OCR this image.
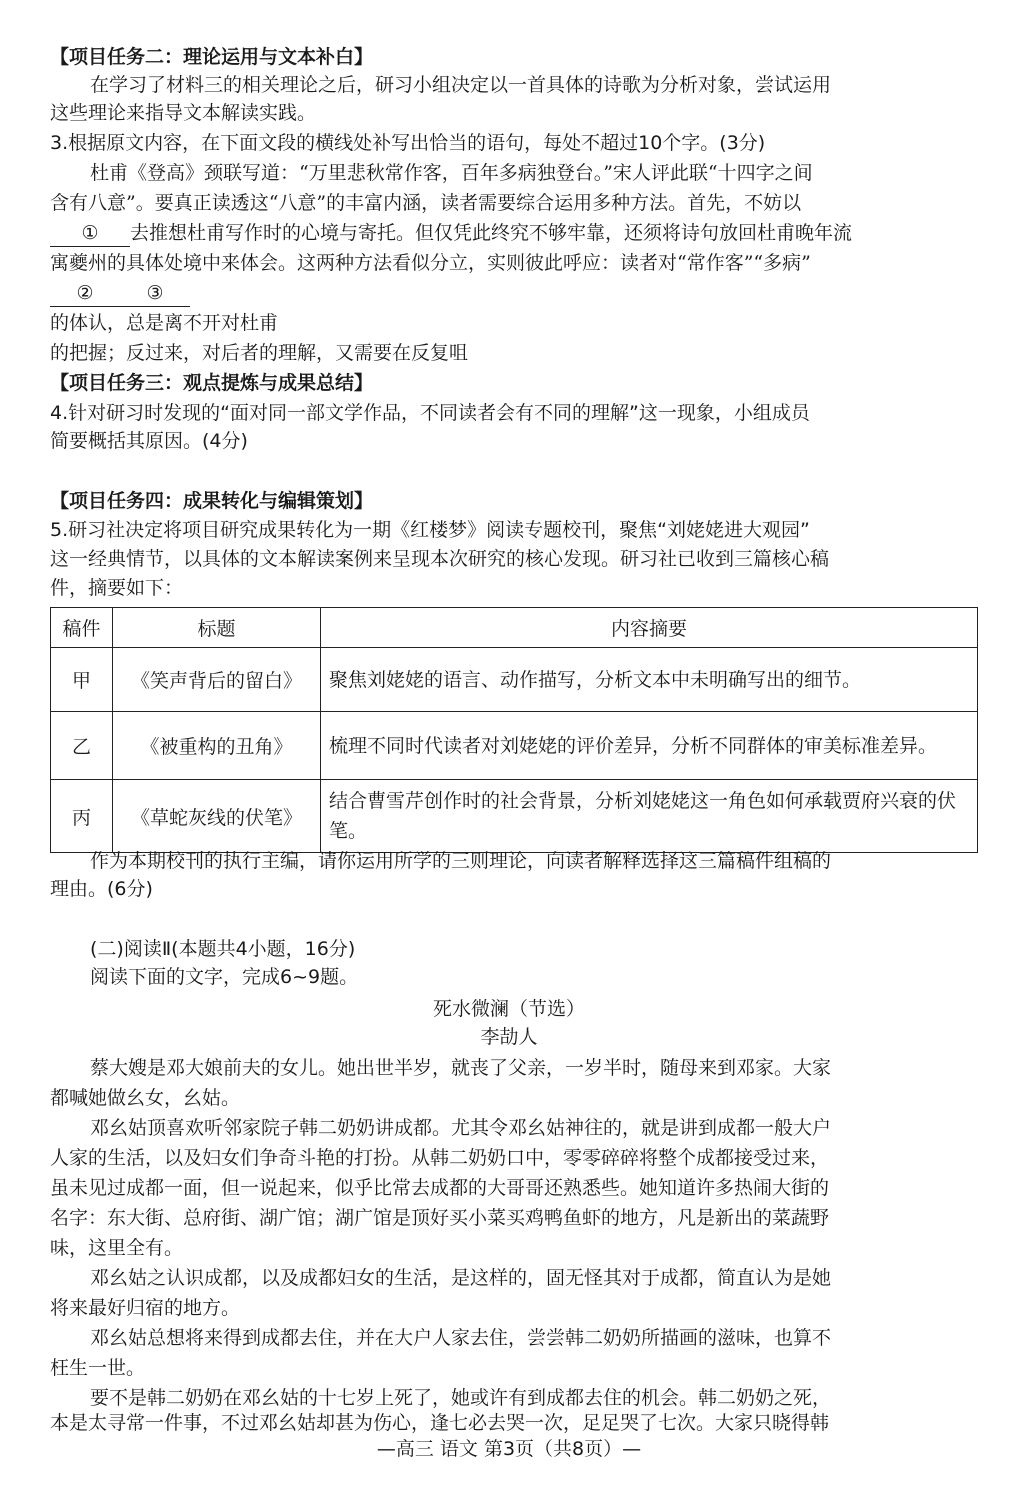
【项目任务二：理论运用与文本补白】
在学习了材料三的相关理论之后，研习小组决定以一首具体的诗歌为分析对象，尝试运用
这些理论来指导文本解读实践。
3.根据原文内容，在下面文段的横线处补写出恰当的语句，每处不超过10个字。(3分)
杜甫《登高》颈联写道：“万里悲秋常作客，百年多病独登台。”宋人评此联“十四字之间
含有八意”。要真正读透这“八意”的丰富内涵，读者需要综合运用多种方法。首先，不妨以
① 去推想杜甫写作时的心境与寄托。但仅凭此终究不够牢靠，还须将诗句放回杜甫晚年流
寓夔州的具体处境中来体会。这两种方法看似分立，实则彼此呼应：读者对“常作客”“多病”
②	③
的体认，总是离不开对杜甫
的把握；反过来，对后者的理解，又需要在反复咀
【项目任务三：观点提炼与成果总结】
4.针对研习时发现的“面对同一部文学作品，不同读者会有不同的理解”这一现象，小组成员
简要概括其原因。(4分)
【项目任务四：成果转化与编辑策划】
5.研习社决定将项目研究成果转化为一期《红楼梦》阅读专题校刊，聚焦“刘姥姥进大观园”
这一经典情节，以具体的文本解读案例来呈现本次研究的核心发现。研习社已收到三篇核心稿
件，摘要如下：
稿件	标题	内容摘要
甲	《笑声背后的留白》	聚焦刘姥姥的语言、动作描写，分析文本中未明确写出的细节。
乙	《被重构的丑角》	梳理不同时代读者对刘姥姥的评价差异，分析不同群体的审美标准差异。
丙	《草蛇灰线的伏笔》	结合曹雪芹创作时的社会背景，分析刘姥姥这一角色如何承载贾府兴衰的伏笔。
作为本期校刊的执行主编，请你运用所学的三则理论，向读者解释选择这三篇稿件组稿的
理由。(6分)
(二)阅读Ⅱ(本题共4小题，16分)
阅读下面的文字，完成6~9题。
死水微澜（节选）
李劼人
蔡大嫂是邓大娘前夫的女儿。她出世半岁，就丧了父亲，一岁半时，随母来到邓家。大家
都喊她做幺女，幺姑。
邓幺姑顶喜欢听邻家院子韩二奶奶讲成都。尤其令邓幺姑神往的，就是讲到成都一般大户
人家的生活，以及妇女们争奇斗艳的打扮。从韩二奶奶口中，零零碎碎将整个成都接受过来，
虽未见过成都一面，但一说起来，似乎比常去成都的大哥哥还熟悉些。她知道许多热闹大街的
名字：东大街、总府街、湖广馆；湖广馆是顶好买小菜买鸡鸭鱼虾的地方，凡是新出的菜蔬野
味，这里全有。
邓幺姑之认识成都，以及成都妇女的生活，是这样的，固无怪其对于成都，简直认为是她
将来最好归宿的地方。
邓幺姑总想将来得到成都去住，并在大户人家去住，尝尝韩二奶奶所描画的滋味，也算不
枉生一世。
要不是韩二奶奶在邓幺姑的十七岁上死了，她或许有到成都去住的机会。韩二奶奶之死，
本是太寻常一件事，不过邓幺姑却甚为伤心，逢七必去哭一次，足足哭了七次。大家只晓得韩
—高三 语文 第3页（共8页）—
